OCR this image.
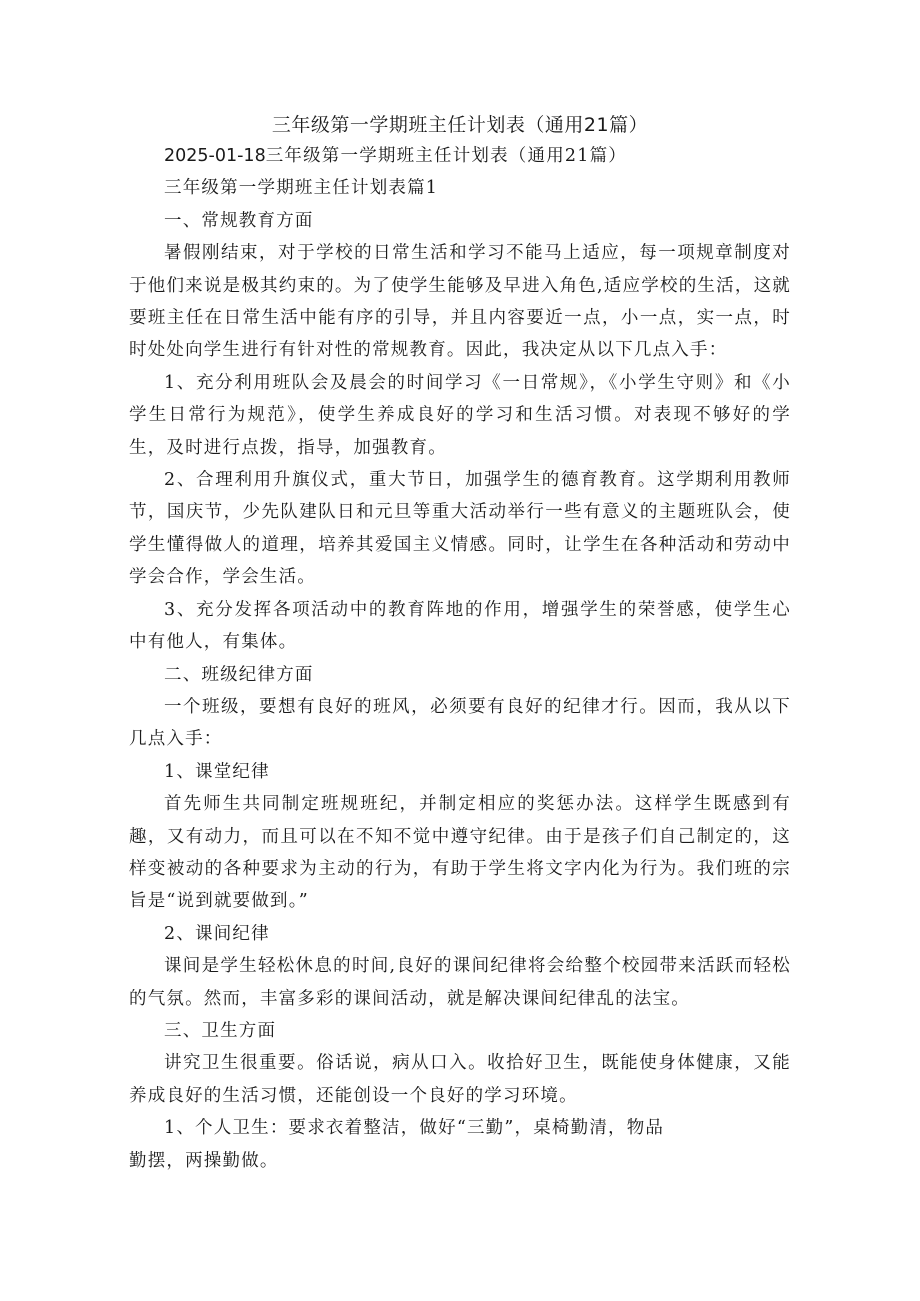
三年级第一学期班主任计划表（通用21篇）

2025-01-18三年级第一学期班主任计划表（通用21篇）

三年级第一学期班主任计划表篇1

一、常规教育方面

暑假刚结束，对于学校的日常生活和学习不能马上适应，每一项规章制度对于他们来说是极其约束的。为了使学生能够及早进入角色,适应学校的生活，这就要班主任在日常生活中能有序的引导，并且内容要近一点，小一点，实一点，时时处处向学生进行有针对性的常规教育。因此，我决定从以下几点入手：

1、充分利用班队会及晨会的时间学习《一日常规》，《小学生守则》和《小学生日常行为规范》，使学生养成良好的学习和生活习惯。对表现不够好的学生，及时进行点拨，指导，加强教育。

2、合理利用升旗仪式，重大节日，加强学生的德育教育。这学期利用教师节，国庆节，少先队建队日和元旦等重大活动举行一些有意义的主题班队会，使学生懂得做人的道理，培养其爱国主义情感。同时，让学生在各种活动和劳动中学会合作，学会生活。

3、充分发挥各项活动中的教育阵地的作用，增强学生的荣誉感，使学生心中有他人，有集体。

二、班级纪律方面

一个班级，要想有良好的班风，必须要有良好的纪律才行。因而，我从以下几点入手：

1、课堂纪律

首先师生共同制定班规班纪，并制定相应的奖惩办法。这样学生既感到有趣，又有动力，而且可以在不知不觉中遵守纪律。由于是孩子们自己制定的，这样变被动的各种要求为主动的行为，有助于学生将文字内化为行为。我们班的宗旨是“说到就要做到。”

2、课间纪律

课间是学生轻松休息的时间,良好的课间纪律将会给整个校园带来活跃而轻松的气氛。然而，丰富多彩的课间活动，就是解决课间纪律乱的法宝。

三、卫生方面

讲究卫生很重要。俗话说，病从口入。收拾好卫生，既能使身体健康，又能养成良好的生活习惯，还能创设一个良好的学习环境。

1、个人卫生：要求衣着整洁，做好“三勤”，桌椅勤清，物品
勤摆，两操勤做。
